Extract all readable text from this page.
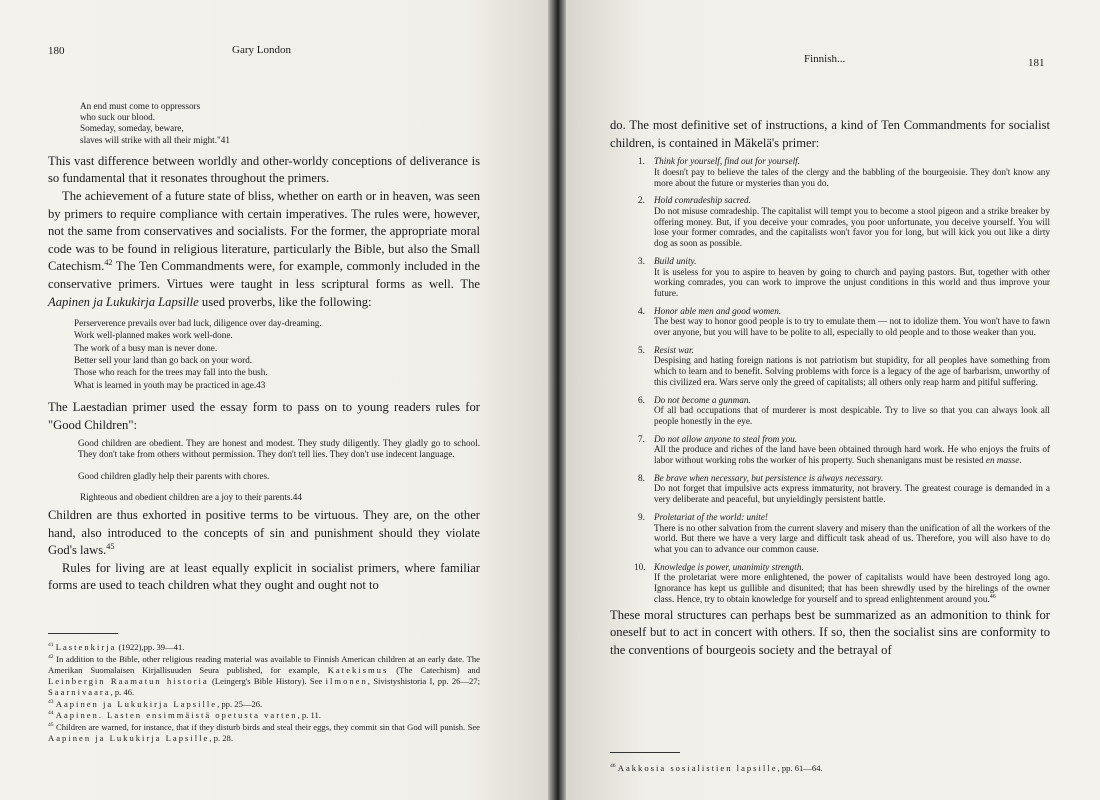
180	Gary London
An end must come to oppressors
who suck our blood.
Someday, someday, beware,
slaves will strike with all their might."41

This vast difference between worldly and other-worldy conceptions of deliverance is so fundamental that it resonates throughout the primers.

The achievement of a future state of bliss, whether on earth or in heaven, was seen by primers to require compliance with certain imperatives. The rules were, however, not the same from conservatives and socialists. For the former, the appropriate moral code was to be found in religious literature, particularly the Bible, but also the Small Catechism.$^{42}$ The Ten Commandments were, for example, commonly included in the conservative primers. Virtues were taught in less scriptural forms as well. The Aapinen ja Lukukirja Lapsille used proverbs, like the following:

Perserverence prevails over bad luck, diligence over day-dreaming.
Work well-planned makes work well-done.
The work of a busy man is never done.
Better sell your land than go back on your word.
Those who reach for the trees may fall into the bush.
What is learned in youth may be practiced in age.43

The Laestadian primer used the essay form to pass on to young readers rules for "Good Children":

Good children are obedient. They are honest and modest. They study diligently. They gladly go to school. They don't take from others without permission. They don't tell lies. They don't use indecent language.
Good children gladly help their parents with chores.
Righteous and obedient children are a joy to their parents.44

Children are thus exhorted in positive terms to be virtuous. They are, on the other hand, also introduced to the concepts of sin and punishment should they violate God's laws.$^{45}$

Rules for living are at least equally explicit in socialist primers, where familiar forms are used to teach children what they ought and ought not to

$^{41}$ Lastenkirja (1922),pp. 39—41.
$^{42}$ In addition to the Bible, other religious reading material was available to Finnish American children at an early date. The Amerikan Suomalaisen Kirjallisuuden Seura published, for example, Katekismus (The Catechism) and Leinbergin Raamatun historia (Leingerg's Bible History). See ilmonen, Sivistyshistoria I, pp. 26—27; Saarnivaara, p. 46.
$^{43}$ Aapinen ja Lukukirja Lapsille, pp. 25—26.
$^{44}$ Aapinen. Lasten ensimmäistä opetusta varten, p. 11.
$^{45}$ Children are warned, for instance, that if they disturb birds and steal their eggs, they commit sin that God will punish. See Aapinen ja Lukukirja Lapsille, p. 28.
Finnish...	181

do. The most definitive set of instructions, a kind of Ten Commandments for socialist children, is contained in Mäkelä's primer:

1. Think for yourself, find out for yourself.
It doesn't pay to believe the tales of the clergy and the babbling of the bourgeoisie. They don't know any more about the future or mysteries than you do.
2. Hold comradeship sacred.
Do not misuse comradeship. The capitalist will tempt you to become a stool pigeon and a strike breaker by offering money. But, if you deceive your comrades, you poor unfortunate, you deceive yourself. You will lose your former comrades, and the capitalists won't favor you for long, but will kick you out like a dirty dog as soon as possible.
3. Build unity.
It is useless for you to aspire to heaven by going to church and paying pastors. But, together with other working comrades, you can work to improve the unjust conditions in this world and thus improve your future.
4. Honor able men and good women.
The best way to honor good people is to try to emulate them — not to idolize them. You won't have to fawn over anyone, but you will have to be polite to all, especially to old people and to those weaker than you.
5. Resist war.
Despising and hating foreign nations is not patriotism but stupidity, for all peoples have something from which to learn and to benefit. Solving problems with force is a legacy of the age of barbarism, unworthy of this civilized era. Wars serve only the greed of capitalists; all others only reap harm and pitiful suffering.
6. Do not become a gunman.
Of all bad occupations that of murderer is most despicable. Try to live so that you can always look all people honestly in the eye.
7. Do not allow anyone to steal from you.
All the produce and riches of the land have been obtained through hard work. He who enjoys the fruits of labor without working robs the worker of his property. Such shenanigans must be resisted en masse.
8. Be brave when necessary, but persistence is always necessary.
Do not forget that impulsive acts express immaturity, not bravery. The greatest courage is demanded in a very deliberate and peaceful, but unyieldingly persistent battle.
9. Proletariat of the world: unite!
There is no other salvation from the current slavery and misery than the unification of all the workers of the world. But there we have a very large and difficult task ahead of us. Therefore, you will also have to do what you can to advance our common cause.
10. Knowledge is power, unanimity strength.
If the proletariat were more enlightened, the power of capitalists would have been destroyed long ago. Ignorance has kept us gullible and disunited; that has been shrewdly used by the hirelings of the owner class. Hence, try to obtain knowledge for yourself and to spread enlightenment around you.$^{46}$

These moral structures can perhaps best be summarized as an admonition to think for oneself but to act in concert with others. If so, then the socialist sins are conformity to the conventions of bourgeois society and the betrayal of

$^{46}$ Aakkosia sosialistien lapsille, pp. 61—64.
